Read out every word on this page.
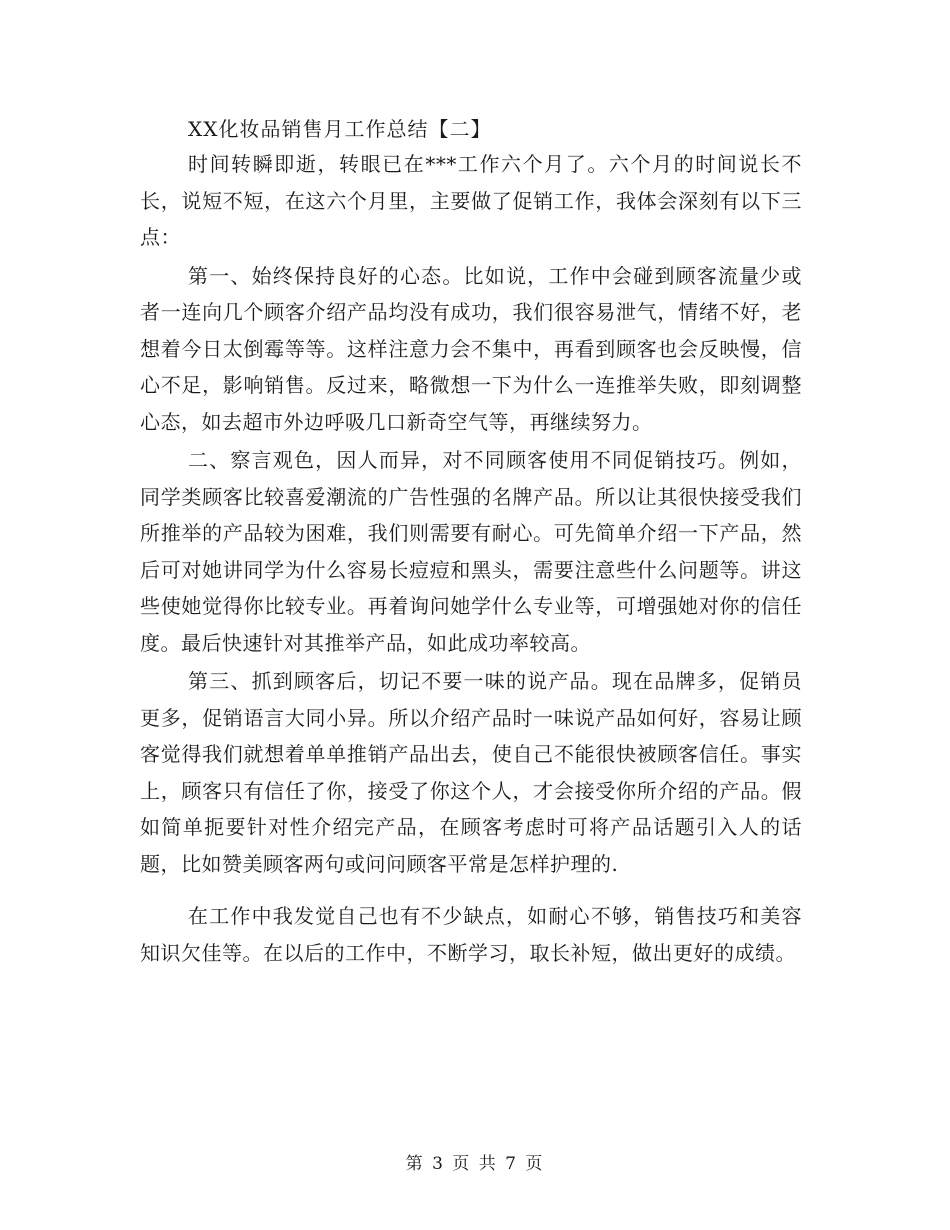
XX化妆品销售月工作总结【二】

时间转瞬即逝，转眼已在***工作六个月了。六个月的时间说长不长，说短不短，在这六个月里，主要做了促销工作，我体会深刻有以下三点：

第一、始终保持良好的心态。比如说，工作中会碰到顾客流量少或者一连向几个顾客介绍产品均没有成功，我们很容易泄气，情绪不好，老想着今日太倒霉等等。这样注意力会不集中，再看到顾客也会反映慢，信心不足，影响销售。反过来，略微想一下为什么一连推举失败，即刻调整心态，如去超市外边呼吸几口新奇空气等，再继续努力。

二、察言观色，因人而异，对不同顾客使用不同促销技巧。例如，同学类顾客比较喜爱潮流的广告性强的名牌产品。所以让其很快接受我们所推举的产品较为困难，我们则需要有耐心。可先简单介绍一下产品，然后可对她讲同学为什么容易长痘痘和黑头，需要注意些什么问题等。讲这些使她觉得你比较专业。再着询问她学什么专业等，可增强她对你的信任度。最后快速针对其推举产品，如此成功率较高。

第三、抓到顾客后，切记不要一味的说产品。现在品牌多，促销员更多，促销语言大同小异。所以介绍产品时一味说产品如何好，容易让顾客觉得我们就想着单单推销产品出去，使自己不能很快被顾客信任。事实上，顾客只有信任了你，接受了你这个人，才会接受你所介绍的产品。假如简单扼要针对性介绍完产品，在顾客考虑时可将产品话题引入人的话题，比如赞美顾客两句或问问顾客平常是怎样护理的.

在工作中我发觉自己也有不少缺点，如耐心不够，销售技巧和美容知识欠佳等。在以后的工作中，不断学习，取长补短，做出更好的成绩。

第 3 页 共 7 页
